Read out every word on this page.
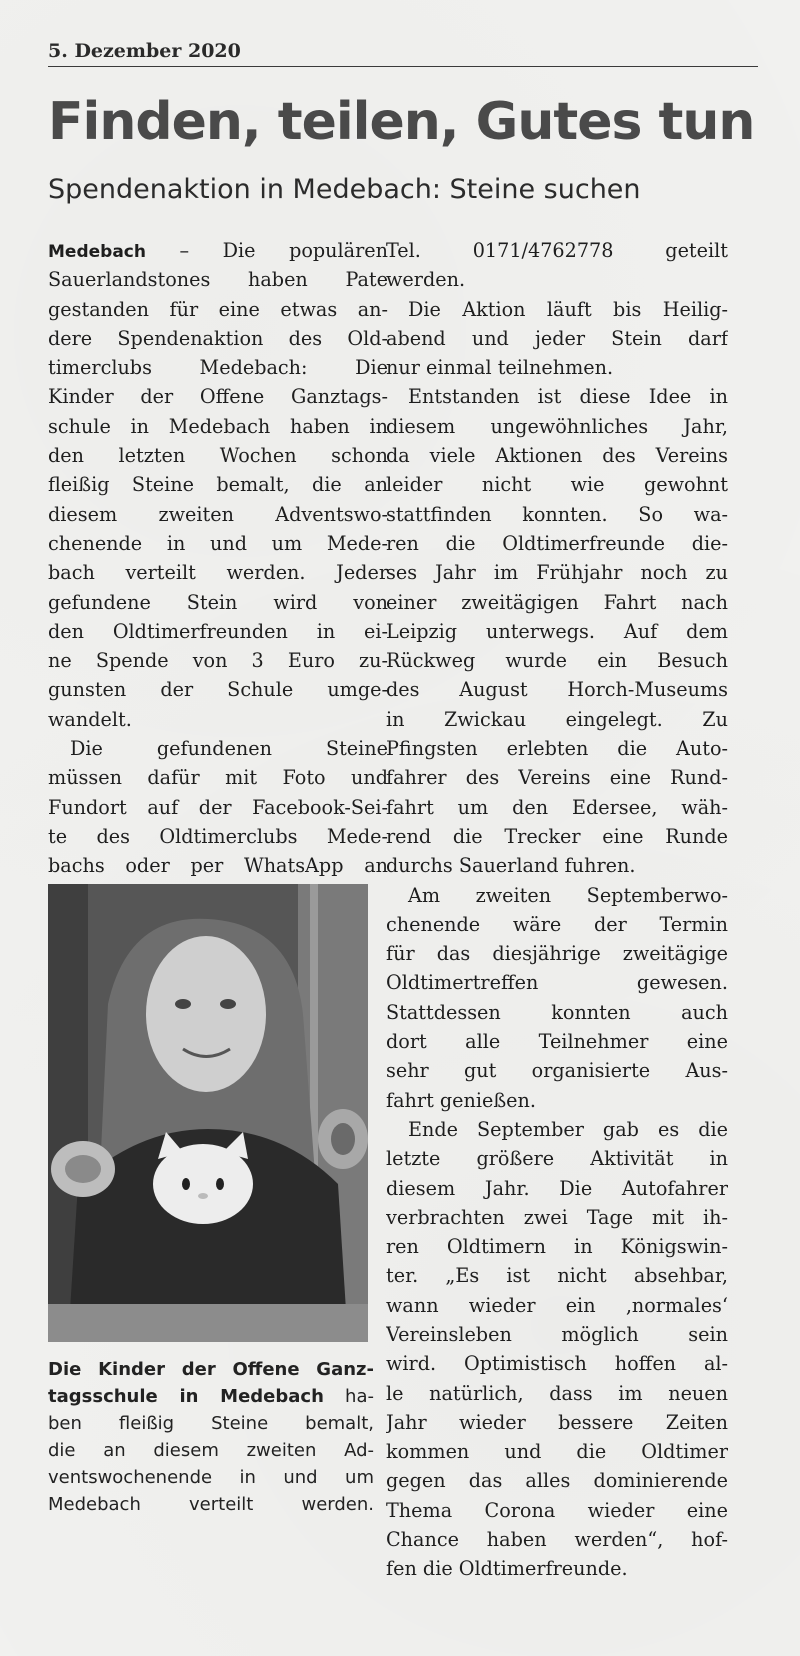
5. Dezember 2020
Finden, teilen, Gutes tun
Spendenaktion in Medebach: Steine suchen
Medebach – Die populären
Sauerlandstones haben Pate
gestanden für eine etwas an-
dere Spendenaktion des Old-
timerclubs Medebach: Die
Kinder der Offene Ganztags-
schule in Medebach haben in
den letzten Wochen schon
fleißig Steine bemalt, die an
diesem zweiten Adventswo-
chenende in und um Mede-
bach verteilt werden. Jeder
gefundene Stein wird von
den Oldtimerfreunden in ei-
ne Spende von 3 Euro zu-
gunsten der Schule umge-
wandelt.
Die gefundenen Steine
müssen dafür mit Foto und
Fundort auf der Facebook-Sei-
te des Oldtimerclubs Mede-
bachs oder per WhatsApp an
Die Kinder der Offene Ganz-
tagsschule in Medebach ha-
ben fleißig Steine bemalt,
die an diesem zweiten Ad-
ventswochenende in und um
Medebach verteilt werden.
Tel. 0171/4762778 geteilt
werden.
Die Aktion läuft bis Heilig-
abend und jeder Stein darf
nur einmal teilnehmen.
Entstanden ist diese Idee in
diesem ungewöhnliches Jahr,
da viele Aktionen des Vereins
leider nicht wie gewohnt
stattfinden konnten. So wa-
ren die Oldtimerfreunde die-
ses Jahr im Frühjahr noch zu
einer zweitägigen Fahrt nach
Leipzig unterwegs. Auf dem
Rückweg wurde ein Besuch
des August Horch-Museums
in Zwickau eingelegt. Zu
Pfingsten erlebten die Auto-
fahrer des Vereins eine Rund-
fahrt um den Edersee, wäh-
rend die Trecker eine Runde
durchs Sauerland fuhren.
Am zweiten Septemberwo-
chenende wäre der Termin
für das diesjährige zweitägige
Oldtimertreffen gewesen.
Stattdessen konnten auch
dort alle Teilnehmer eine
sehr gut organisierte Aus-
fahrt genießen.
Ende September gab es die
letzte größere Aktivität in
diesem Jahr. Die Autofahrer
verbrachten zwei Tage mit ih-
ren Oldtimern in Königswin-
ter. „Es ist nicht absehbar,
wann wieder ein ‚normales‘
Vereinsleben möglich sein
wird. Optimistisch hoffen al-
le natürlich, dass im neuen
Jahr wieder bessere Zeiten
kommen und die Oldtimer
gegen das alles dominierende
Thema Corona wieder eine
Chance haben werden“, hof-
fen die Oldtimerfreunde.
